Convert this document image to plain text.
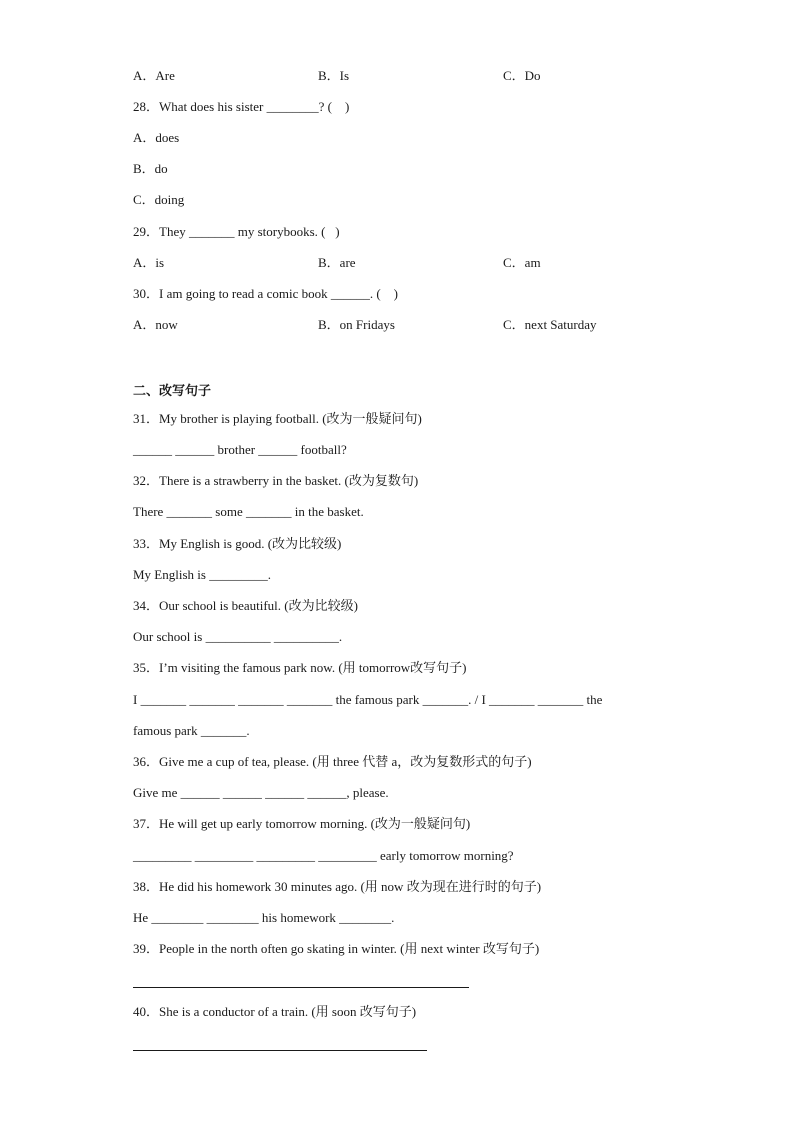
A．Are	B．Is	C．Do
28．What does his sister ________? (    )
A．does
B．do
C．doing
29．They _______ my storybooks. (   )
A．is	B．are	C．am
30．I am going to read a comic book ______. (    )
A．now	B．on Fridays	C．next Saturday
二、改写句子
31．My brother is playing football. (改为一般疑问句)
______ ______ brother ______ football?
32．There is a strawberry in the basket. (改为复数句)
There _______ some _______ in the basket.
33．My English is good. (改为比较级)
My English is _________.
34．Our school is beautiful. (改为比较级)
Our school is __________ __________.
35．I’m visiting the famous park now. (用 tomorrow改写句子)
I _______ _______ _______ _______ the famous park _______. / I _______ _______ the
famous park _______.
36．Give me a cup of tea, please. (用 three 代替 a，改为复数形式的句子)
Give me ______ ______ ______ ______, please.
37．He will get up early tomorrow morning. (改为一般疑问句)
_________ _________ _________ _________ early tomorrow morning?
38．He did his homework 30 minutes ago. (用 now 改为现在进行时的句子)
He ________ ________ his homework ________.
39．People in the north often go skating in winter. (用 next winter 改写句子)
40．She is a conductor of a train. (用 soon 改写句子)
